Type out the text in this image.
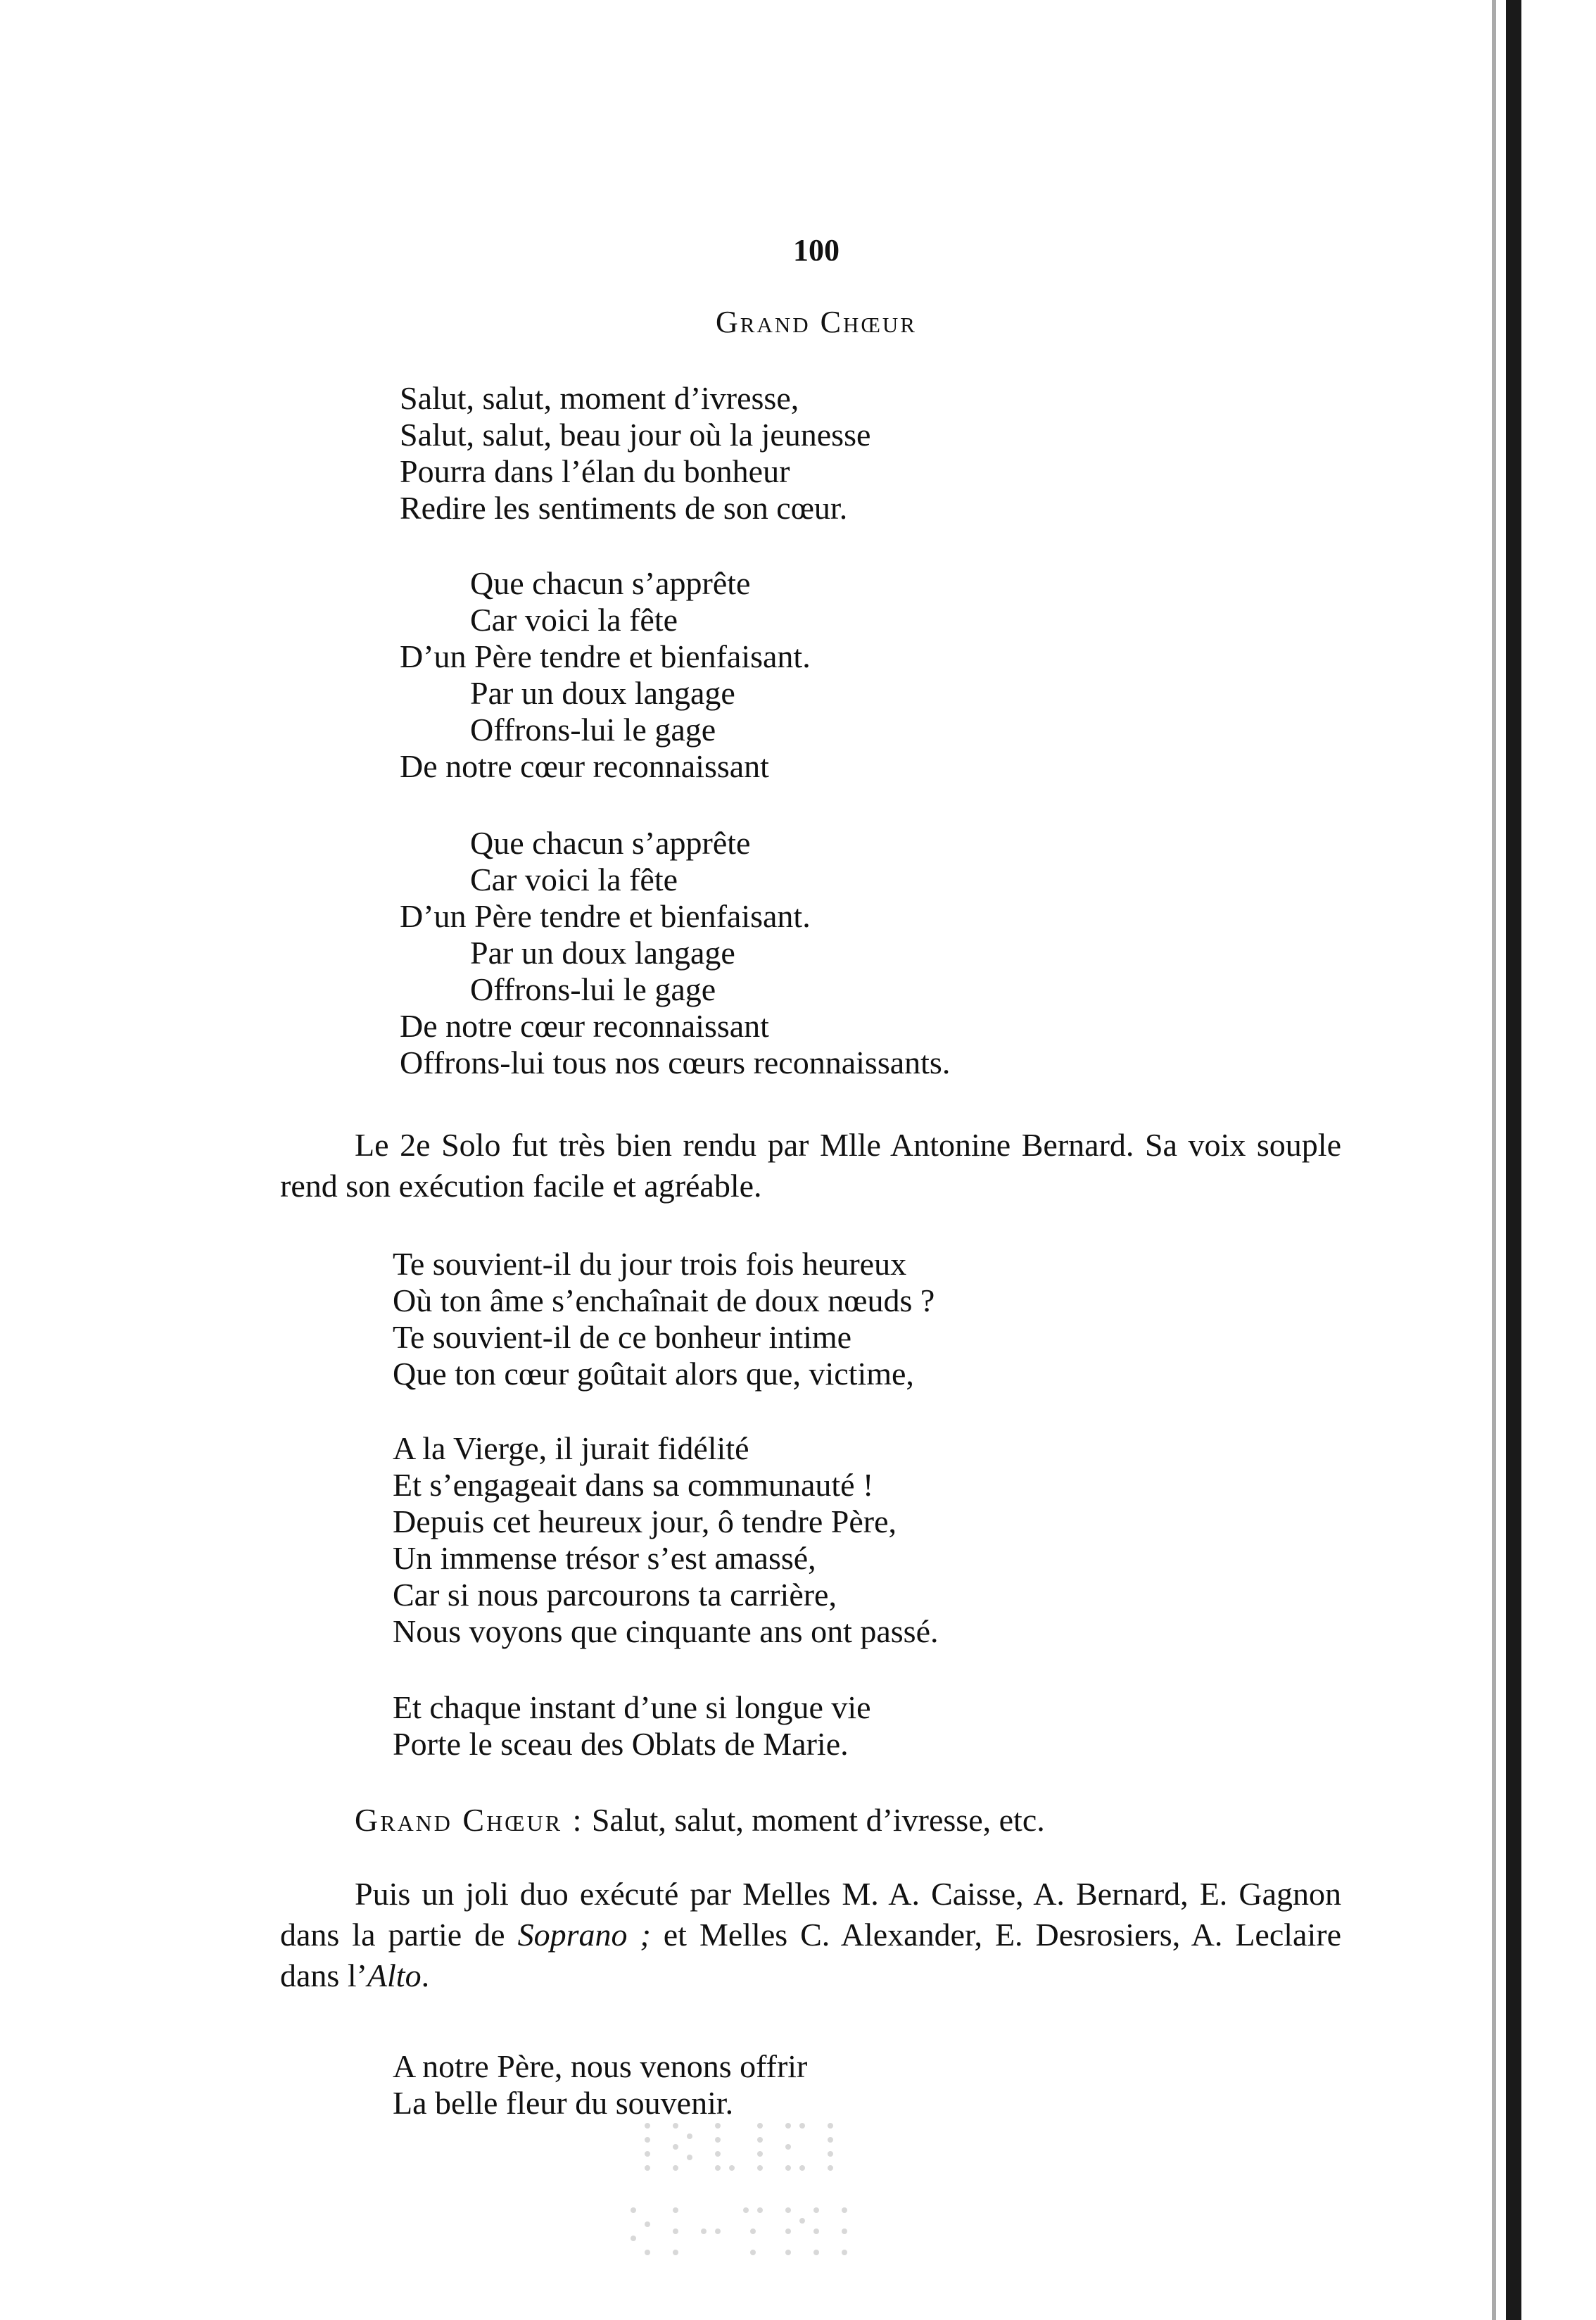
100
Grand Chœur
Salut, salut, moment d’ivresse,
Salut, salut, beau jour où la jeunesse
Pourra dans l’élan du bonheur
Redire les sentiments de son cœur.
Que chacun s’apprête
Car voici la fête
D’un Père tendre et bienfaisant.
Par un doux langage
Offrons-lui le gage
De notre cœur reconnaissant
Que chacun s’apprête
Car voici la fête
D’un Père tendre et bienfaisant.
Par un doux langage
Offrons-lui le gage
De notre cœur reconnaissant
Offrons-lui tous nos cœurs reconnaissants.

Le 2e Solo fut très bien rendu par Mlle Antonine Bernard. Sa voix souple rend son exécution facile et agréable.

Te souvient-il du jour trois fois heureux
Où ton âme s’enchaînait de doux nœuds ?
Te souvient-il de ce bonheur intime
Que ton cœur goûtait alors que, victime,
A la Vierge, il jurait fidélité
Et s’engageait dans sa communauté !
Depuis cet heureux jour, ô tendre Père,
Un immense trésor s’est amassé,
Car si nous parcourons ta carrière,
Nous voyons que cinquante ans ont passé.
Et chaque instant d’une si longue vie
Porte le sceau des Oblats de Marie.
Grand Chœur : Salut, salut, moment d’ivresse, etc.

Puis un joli duo exécuté par Melles M. A. Caisse, A. Bernard, E. Gagnon dans la partie de Soprano ; et Melles C. Alexander, E. Desrosiers, A. Leclaire dans l’Alto.

A notre Père, nous venons offrir
La belle fleur du souvenir.
